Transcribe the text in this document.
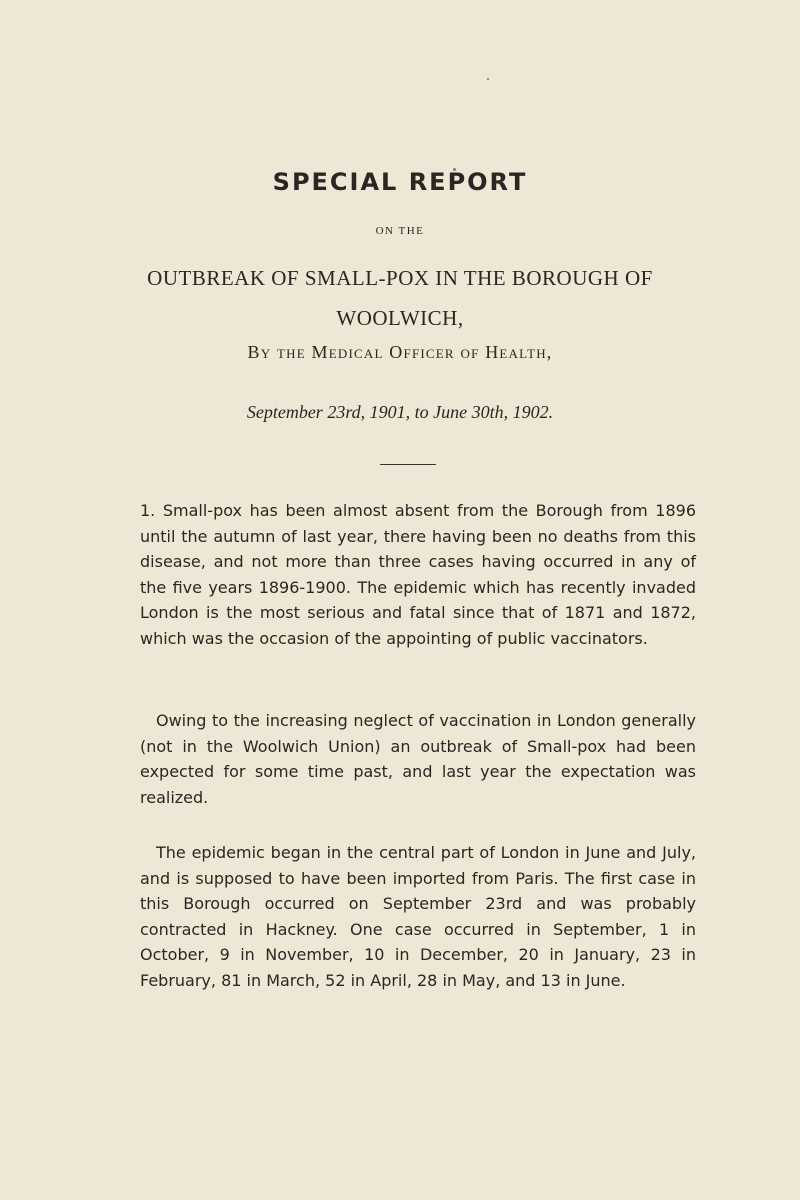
SPECIAL REPORT
ON THE
OUTBREAK OF SMALL-POX IN THE BOROUGH OF
WOOLWICH,
By the Medical Officer of Health,
September 23rd, 1901, to June 30th, 1902.

1. Small-pox has been almost absent from the Borough from 1896 until the autumn of last year, there having been no deaths from this disease, and not more than three cases having occurred in any of the five years 1896-1900. The epidemic which has recently invaded London is the most serious and fatal since that of 1871 and 1872, which was the occasion of the appointing of public vaccinators.

Owing to the increasing neglect of vaccination in London generally (not in the Woolwich Union) an outbreak of Small-pox had been expected for some time past, and last year the expectation was realized.

The epidemic began in the central part of London in June and July, and is supposed to have been imported from Paris. The first case in this Borough occurred on September 23rd and was probably contracted in Hackney. One case occurred in September, 1 in October, 9 in November, 10 in December, 20 in January, 23 in February, 81 in March, 52 in April, 28 in May, and 13 in June.
